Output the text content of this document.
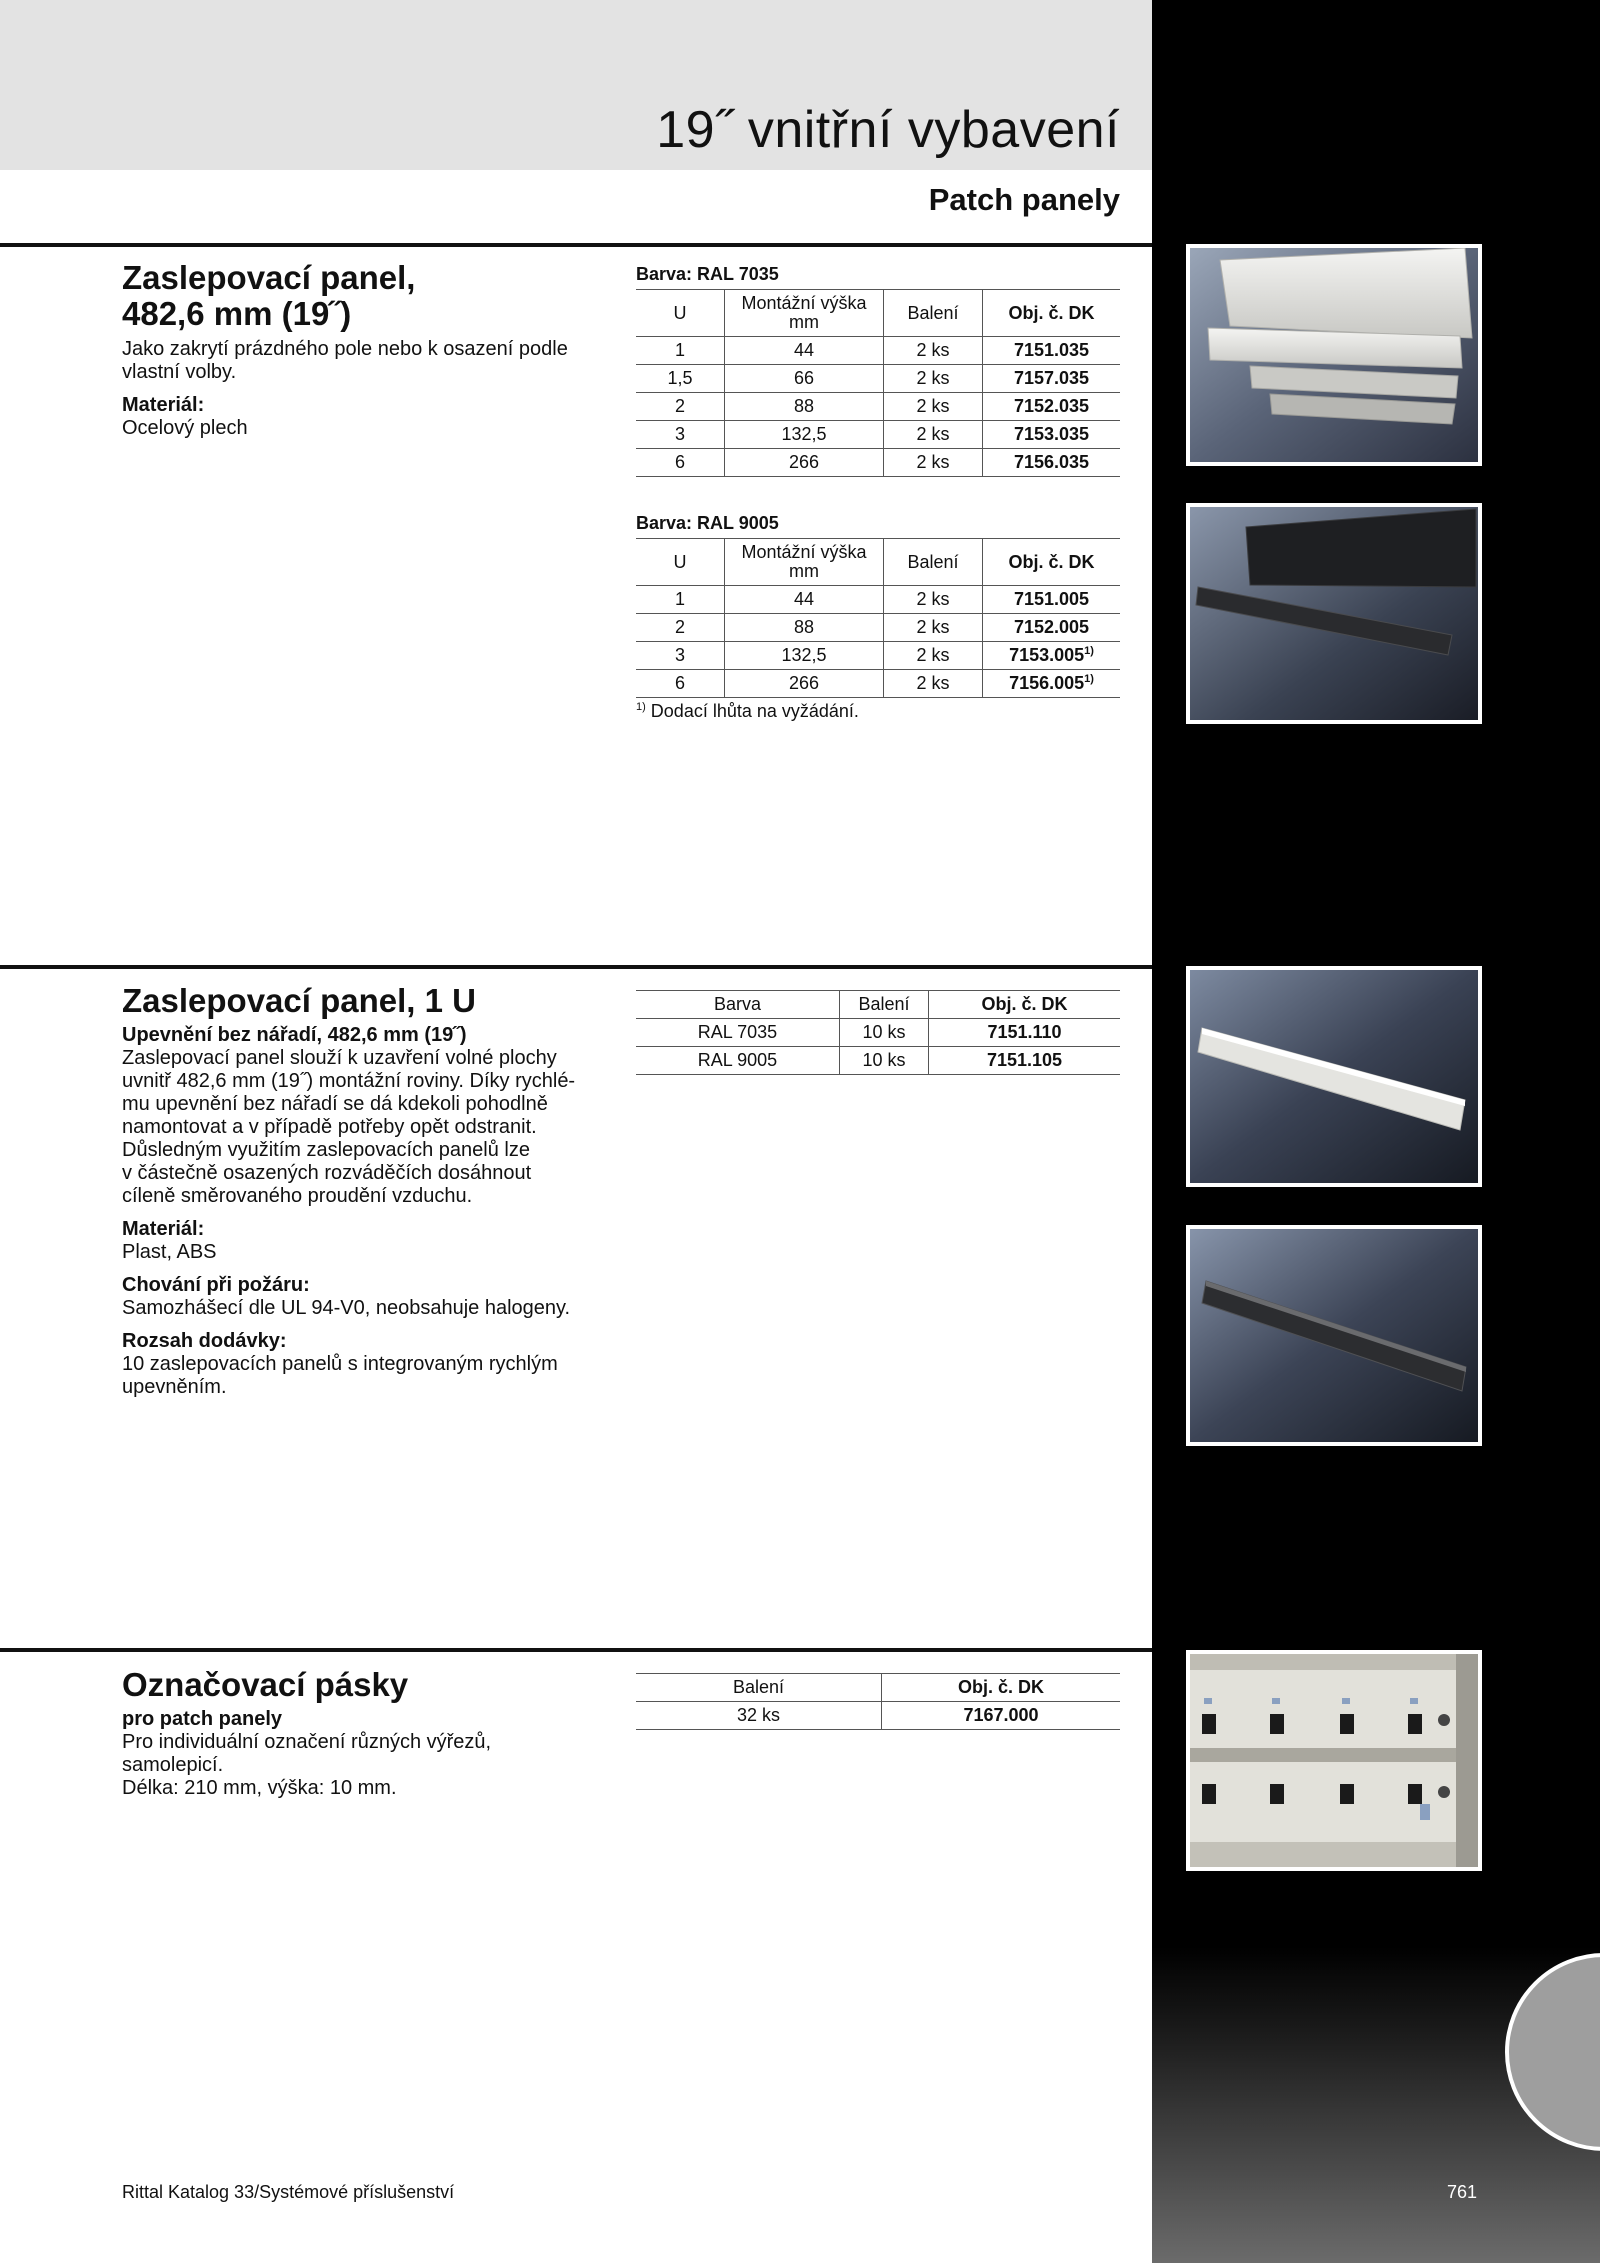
19˝ vnitřní vybavení
Patch panely
Zaslepovací panel,
482,6 mm (19˝)
Jako zakrytí prázdného pole nebo k osazení podle vlastní volby.
Materiál:
Ocelový plech
Barva: RAL 7035
U	Montážní výška mm	Balení	Obj. č. DK
1	44	2 ks	7151.035
1,5	66	2 ks	7157.035
2	88	2 ks	7152.035
3	132,5	2 ks	7153.035
6	266	2 ks	7156.035
Barva: RAL 9005
U	Montážní výška mm	Balení	Obj. č. DK
1	44	2 ks	7151.005
2	88	2 ks	7152.005
3	132,5	2 ks	7153.005$^{1)}$
6	266	2 ks	7156.005$^{1)}$
$^{1)}$ Dodací lhůta na vyžádání.
Zaslepovací panel, 1 U
Upevnění bez nářadí, 482,6 mm (19˝)
Zaslepovací panel slouží k uzavření volné plochy
uvnitř 482,6 mm (19˝) montážní roviny. Díky rychlé-
mu upevnění bez nářadí se dá kdekoli pohodlně
namontovat a v případě potřeby opět odstranit.
Důsledným využitím zaslepovacích panelů lze
v částečně osazených rozváděčích dosáhnout
cíleně směrovaného proudění vzduchu.
Materiál:
Plast, ABS
Chování při požáru:
Samozhášecí dle UL 94-V0, neobsahuje halogeny.
Rozsah dodávky:
10 zaslepovacích panelů s integrovaným rychlým
upevněním.
Barva	Balení	Obj. č. DK
RAL 7035	10 ks	7151.110
RAL 9005	10 ks	7151.105
Označovací pásky
pro patch panely
Pro individuální označení různých výřezů,
samolepicí.
Délka: 210 mm, výška: 10 mm.
Balení	Obj. č. DK
32 ks	7167.000
Rittal Katalog 33/Systémové příslušenství	761
